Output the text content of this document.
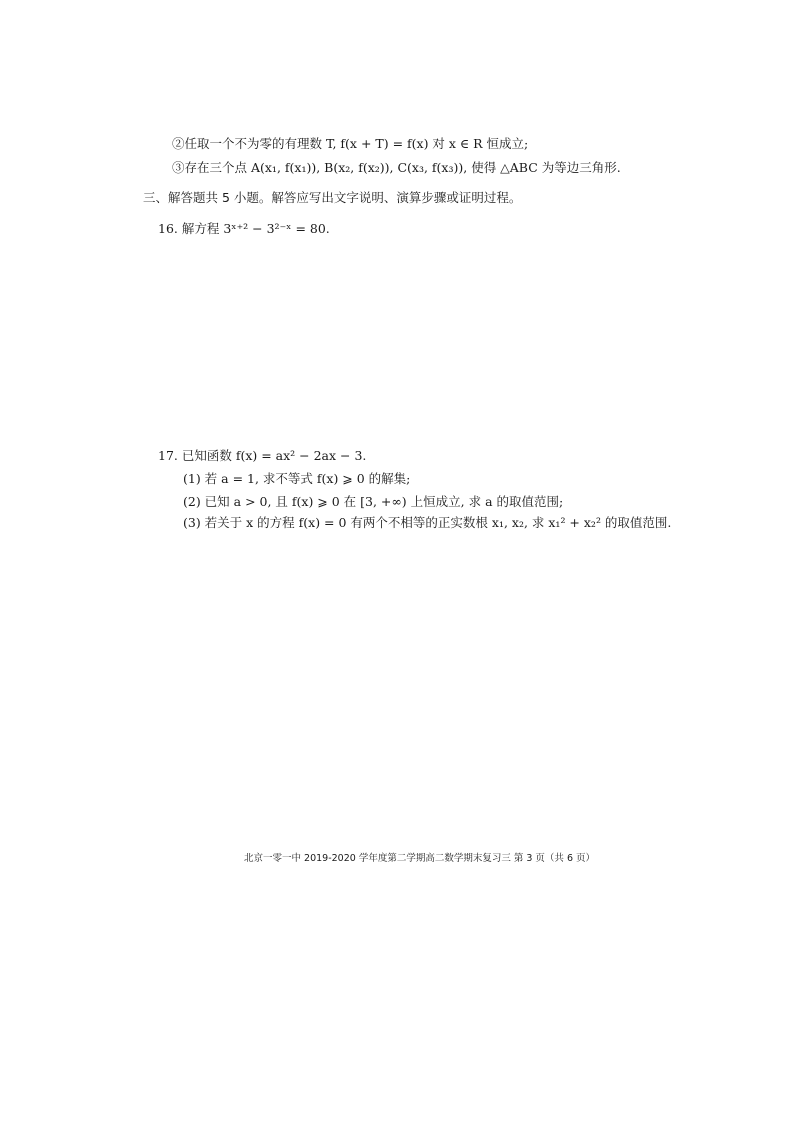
②任取一个不为零的有理数 T, f(x + T) = f(x) 对 x ∈ R 恒成立;
③存在三个点 A(x₁, f(x₁)), B(x₂, f(x₂)), C(x₃, f(x₃)), 使得 △ABC 为等边三角形.
三、解答题共 5 小题。解答应写出文字说明、演算步骤或证明过程。
16. 解方程 3ˣ⁺² − 3²⁻ˣ = 80.
17. 已知函数 f(x) = ax² − 2ax − 3.
(1) 若 a = 1, 求不等式 f(x) ⩾ 0 的解集;
(2) 已知 a > 0, 且 f(x) ⩾ 0 在 [3, +∞) 上恒成立, 求 a 的取值范围;
(3) 若关于 x 的方程 f(x) = 0 有两个不相等的正实数根 x₁, x₂, 求 x₁² + x₂² 的取值范围.
北京一零一中 2019-2020 学年度第二学期高二数学期末复习三 第 3 页（共 6 页）
